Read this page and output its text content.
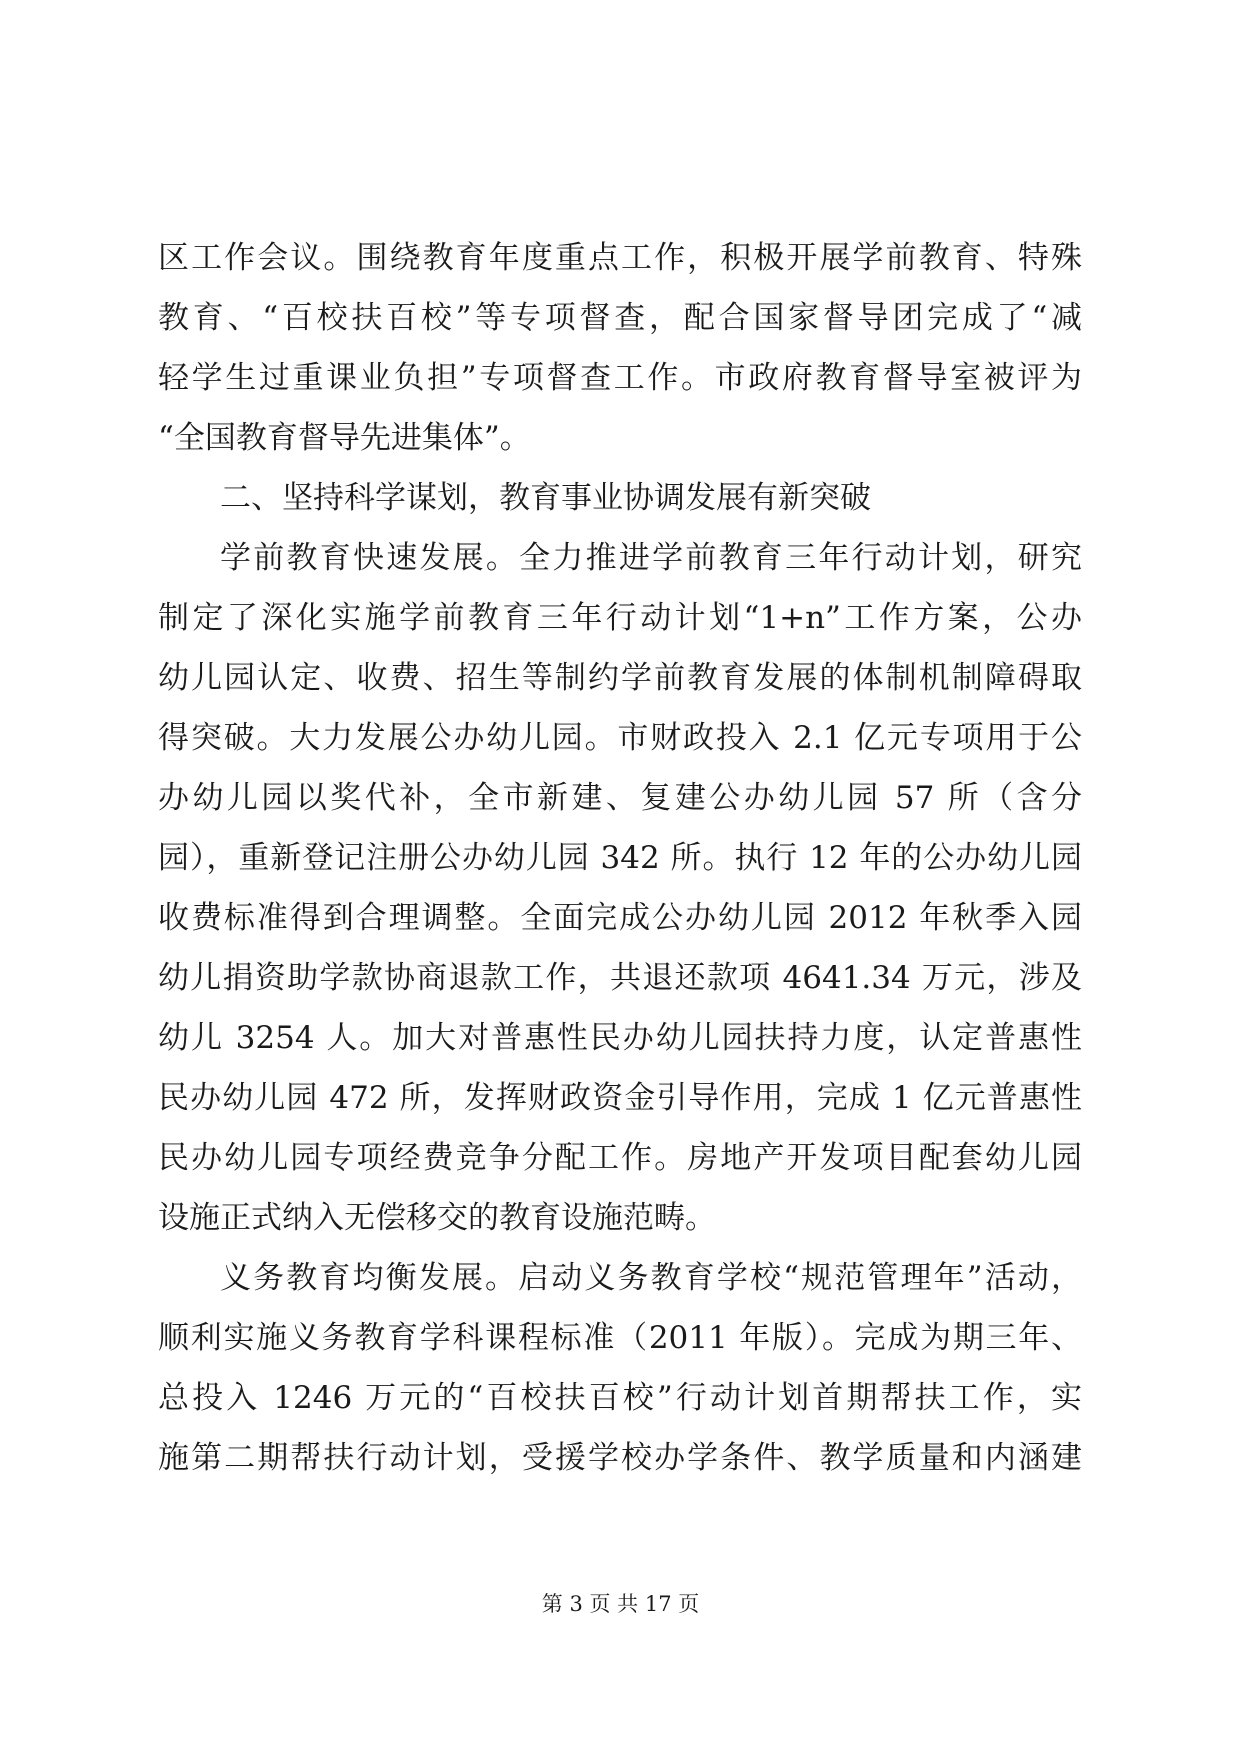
区工作会议。围绕教育年度重点工作，积极开展学前教育、特殊
教育、“百校扶百校”等专项督查，配合国家督导团完成了“减
轻学生过重课业负担”专项督查工作。市政府教育督导室被评为
“全国教育督导先进集体”。
二、坚持科学谋划，教育事业协调发展有新突破
学前教育快速发展。全力推进学前教育三年行动计划，研究
制定了深化实施学前教育三年行动计划“1+n”工作方案，公办
幼儿园认定、收费、招生等制约学前教育发展的体制机制障碍取
得突破。大力发展公办幼儿园。市财政投入 2.1 亿元专项用于公
办幼儿园以奖代补，全市新建、复建公办幼儿园 57 所（含分
园），重新登记注册公办幼儿园 342 所。执行 12 年的公办幼儿园
收费标准得到合理调整。全面完成公办幼儿园 2012 年秋季入园
幼儿捐资助学款协商退款工作，共退还款项 4641.34 万元，涉及
幼儿 3254 人。加大对普惠性民办幼儿园扶持力度，认定普惠性
民办幼儿园 472 所，发挥财政资金引导作用，完成 1 亿元普惠性
民办幼儿园专项经费竞争分配工作。房地产开发项目配套幼儿园
设施正式纳入无偿移交的教育设施范畴。
义务教育均衡发展。启动义务教育学校“规范管理年”活动，
顺利实施义务教育学科课程标准（2011 年版）。完成为期三年、
总投入 1246 万元的“百校扶百校”行动计划首期帮扶工作，实
施第二期帮扶行动计划，受援学校办学条件、教学质量和内涵建
第 3 页 共 17 页
